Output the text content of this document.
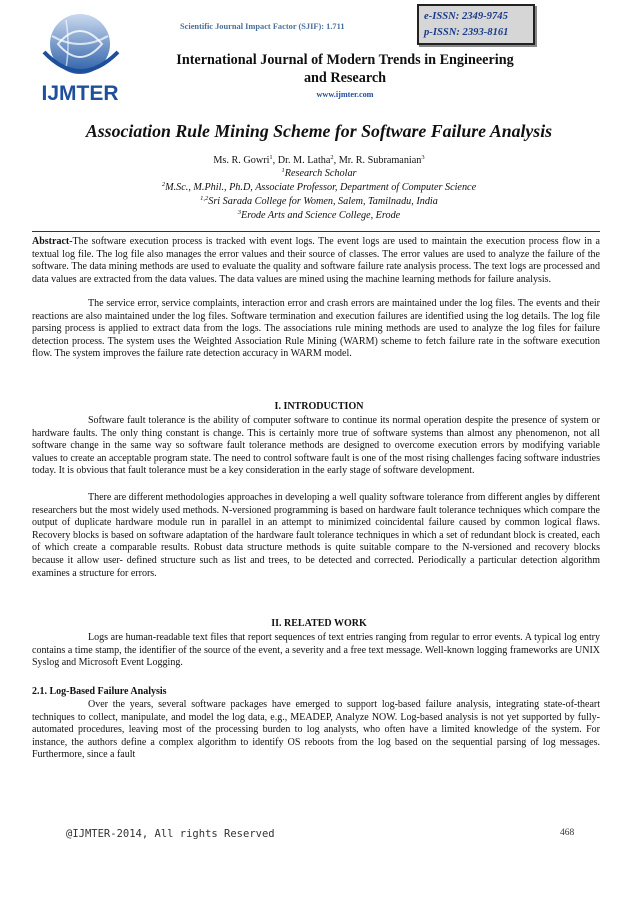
IJMTER
Scientific Journal Impact Factor (SJIF): 1.711
e-ISSN: 2349-9745
p-ISSN: 2393-8161
International Journal of Modern Trends in Engineering
and Research
www.ijmter.com
Association Rule Mining Scheme for Software Failure Analysis
Ms. R. Gowri$^1$, Dr. M. Latha$^2$, Mr. R. Subramanian$^3$
$^1$Research Scholar
$^2$M.Sc., M.Phil., Ph.D, Associate Professor, Department of Computer Science
$^{1,2}$Sri Sarada College for Women, Salem, Tamilnadu, India
$^3$Erode Arts and Science College, Erode
Abstract-The software execution process is tracked with event logs. The event logs are used to maintain the execution process flow in a textual log file. The log file also manages the error values and their source of classes. The error values are used to analyze the failure of the software. The data mining methods are used to evaluate the quality and software failure rate analysis process. The text logs are processed and data values are extracted from the data values. The data values are mined using the machine learning methods for failure analysis.
The service error, service complaints, interaction error and crash errors are maintained under the log files. The events and their reactions are also maintained under the log files. Software termination and execution failures are identified using the log details. The log file parsing process is applied to extract data from the logs. The associations rule mining methods are used to analyze the log files for failure detection process. The system uses the Weighted Association Rule Mining (WARM) scheme to fetch failure rate in the software execution flow. The system improves the failure rate detection accuracy in WARM model.
I. INTRODUCTION
Software fault tolerance is the ability of computer software to continue its normal operation despite the presence of system or hardware faults. The only thing constant is change. This is certainly more true of software systems than almost any phenomenon, not all software change in the same way so software fault tolerance methods are designed to overcome execution errors by modifying variable values to create an acceptable program state. The need to control software fault is one of the most rising challenges facing software industries today. It is obvious that fault tolerance must be a key consideration in the early stage of software development.
There are different methodologies approaches in developing a well quality software tolerance from different angles by different researchers but the most widely used methods. N-versioned programming is based on hardware fault tolerance techniques which compare the output of duplicate hardware module run in parallel in an attempt to minimized coincidental failure caused by common logical flaws. Recovery blocks is based on software adaptation of the hardware fault tolerance techniques in which a set of redundant block is created, each of which create a comparable results. Robust data structure methods is quite suitable compare to the N-versioned and recovery blocks because it allow user- defined structure such as list and trees, to be detected and corrected. Periodically a particular detection algorithm examines a structure for errors.
II. RELATED WORK
Logs are human-readable text files that report sequences of text entries ranging from regular to error events. A typical log entry contains a time stamp, the identifier of the source of the event, a severity and a free text message. Well-known logging frameworks are UNIX Syslog and Microsoft Event Logging.
2.1. Log-Based Failure Analysis
Over the years, several software packages have emerged to support log-based failure analysis, integrating state-of-theart techniques to collect, manipulate, and model the log data, e.g., MEADEP, Analyze NOW. Log-based analysis is not yet supported by fully-automated procedures, leaving most of the processing burden to log analysts, who often have a limited knowledge of the system. For instance, the authors define a complex algorithm to identify OS reboots from the log based on the sequential parsing of log messages. Furthermore, since a fault
@IJMTER-2014, All rights Reserved	468
